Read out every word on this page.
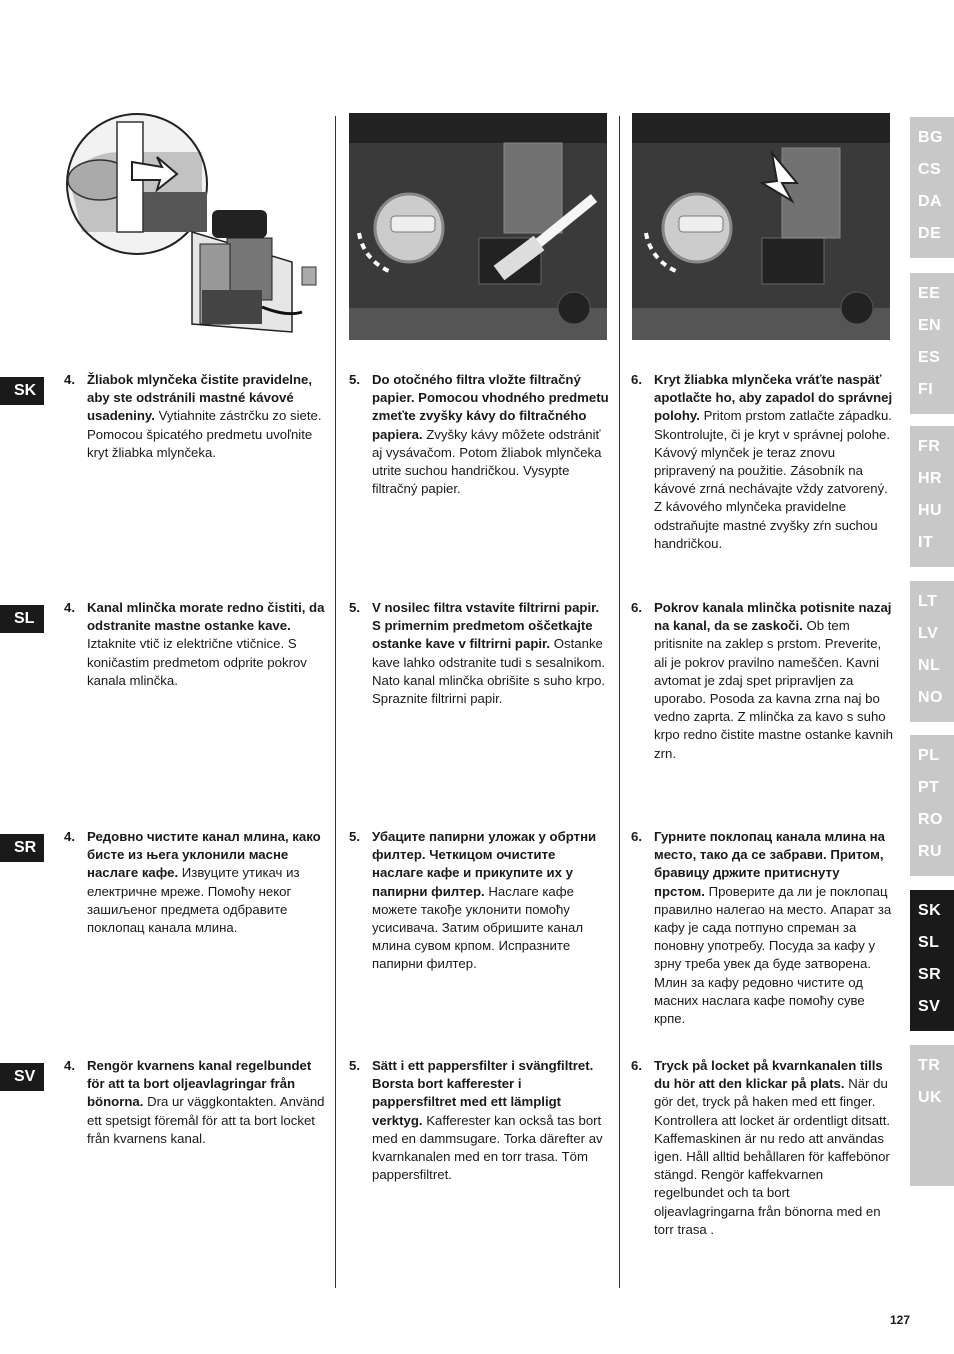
SK
4. Žliabok mlynčeka čistite pravidelne, aby ste odstránili mastné kávové usadeniny. Vytiahnite zástrčku zo siete. Pomocou špicatého predmetu uvoľnite kryt žliabka mlynčeka.
5. Do otočného filtra vložte filtračný papier. Pomocou vhodného predmetu zmeťte zvyšky kávy do filtračného papiera. Zvyšky kávy môžete odstrániť aj vysávačom. Potom žliabok mlynčeka utrite suchou handričkou. Vysypte filtračný papier.
6. Kryt žliabka mlynčeka vráťte naspäť apotlačte ho, aby zapadol do správnej polohy. Pritom prstom zatlačte západku. Skontrolujte, či je kryt v správnej polohe. Kávový mlynček je teraz znovu pripravený na použitie. Zásobník na kávové zrná nechávajte vždy zatvorený. Z kávového mlynčeka pravidelne odstraňujte mastné zvyšky zŕn suchou handričkou.
SL
4. Kanal mlinčka morate redno čistiti, da odstranite mastne ostanke kave. Iztaknite vtič iz električne vtičnice. S koničastim predmetom odprite pokrov kanala mlinčka.
5. V nosilec filtra vstavite filtrirni papir. S primernim predmetom oščetkajte ostanke kave v filtrirni papir. Ostanke kave lahko odstranite tudi s sesalnikom. Nato kanal mlinčka obrišite s suho krpo. Spraznite filtrirni papir.
6. Pokrov kanala mlinčka potisnite nazaj na kanal, da se zaskoči. Ob tem pritisnite na zaklep s prstom. Preverite, ali je pokrov pravilno nameščen. Kavni avtomat je zdaj spet pripravljen za uporabo. Posoda za kavna zrna naj bo vedno zaprta. Z mlinčka za kavo s suho krpo redno čistite mastne ostanke kavnih zrn.
SR
4. Редовно чистите канал млина, како бисте из њега уклонили масне наслаге кафе. Извуците утикач из електричне мреже. Помоћу неког зашиљеног предмета одбравите поклопац канала млина.
5. Убаците папирни уложак у обртни филтер. Четкицом очистите наслаге кафе и прикупите их у папирни филтер. Наслаге кафе можете такође уклонити помоћу усисивача. Затим обришите канал млина сувом крпом. Испразните папирни филтер.
6. Гурните поклопац канала млина на место, тако да се забрави. Притом, бравицу држите притиснуту прстом. Проверите да ли је поклопац правилно налегао на место. Апарат за кафу је сада потпуно спреман за поновну употребу. Посуда за кафу у зрну треба увек да буде затворена. Млин за кафу редовно чистите од масних наслага кафе помоћу суве крпе.
SV
4. Rengör kvarnens kanal regelbundet för att ta bort oljeavlagringar från bönorna. Dra ur väggkontakten. Använd ett spetsigt föremål för att ta bort locket från kvarnens kanal.
5. Sätt i ett pappersfilter i svängfiltret. Borsta bort kafferester i pappersfiltret med ett lämpligt verktyg. Kafferester kan också tas bort med en dammsugare. Torka därefter av kvarnkanalen med en torr trasa. Töm pappersfiltret.
6. Tryck på locket på kvarnkanalen tills du hör att den klickar på plats. När du gör det, tryck på haken med ett finger. Kontrollera att locket är ordentligt ditsatt. Kaffemaskinen är nu redo att användas igen. Håll alltid behållaren för kaffebönor stängd. Rengör kaffekvarnen regelbundet och ta bort oljeavlagringarna från bönorna med en torr trasa .
BG
CS
DA
DE
EE
EN
ES
FI
FR
HR
HU
IT
LT
LV
NL
NO
PL
PT
RO
RU
SK
SL
SR
SV
TR
UK
127
